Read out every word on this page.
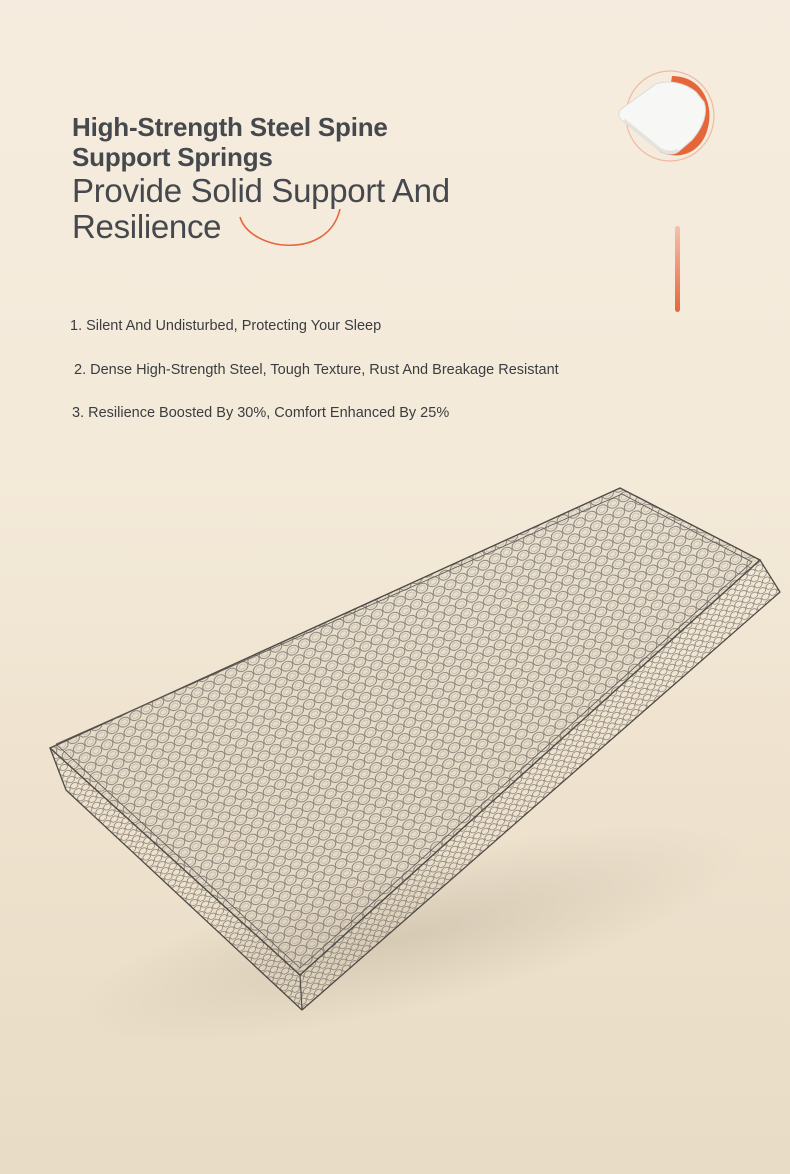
High-Strength Steel Spine
Support Springs
Provide Solid Support And
Resilience
1. Silent And Undisturbed, Protecting Your Sleep
2. Dense High-Strength Steel, Tough Texture, Rust And Breakage Resistant
3. Resilience Boosted By 30%, Comfort Enhanced By 25%
